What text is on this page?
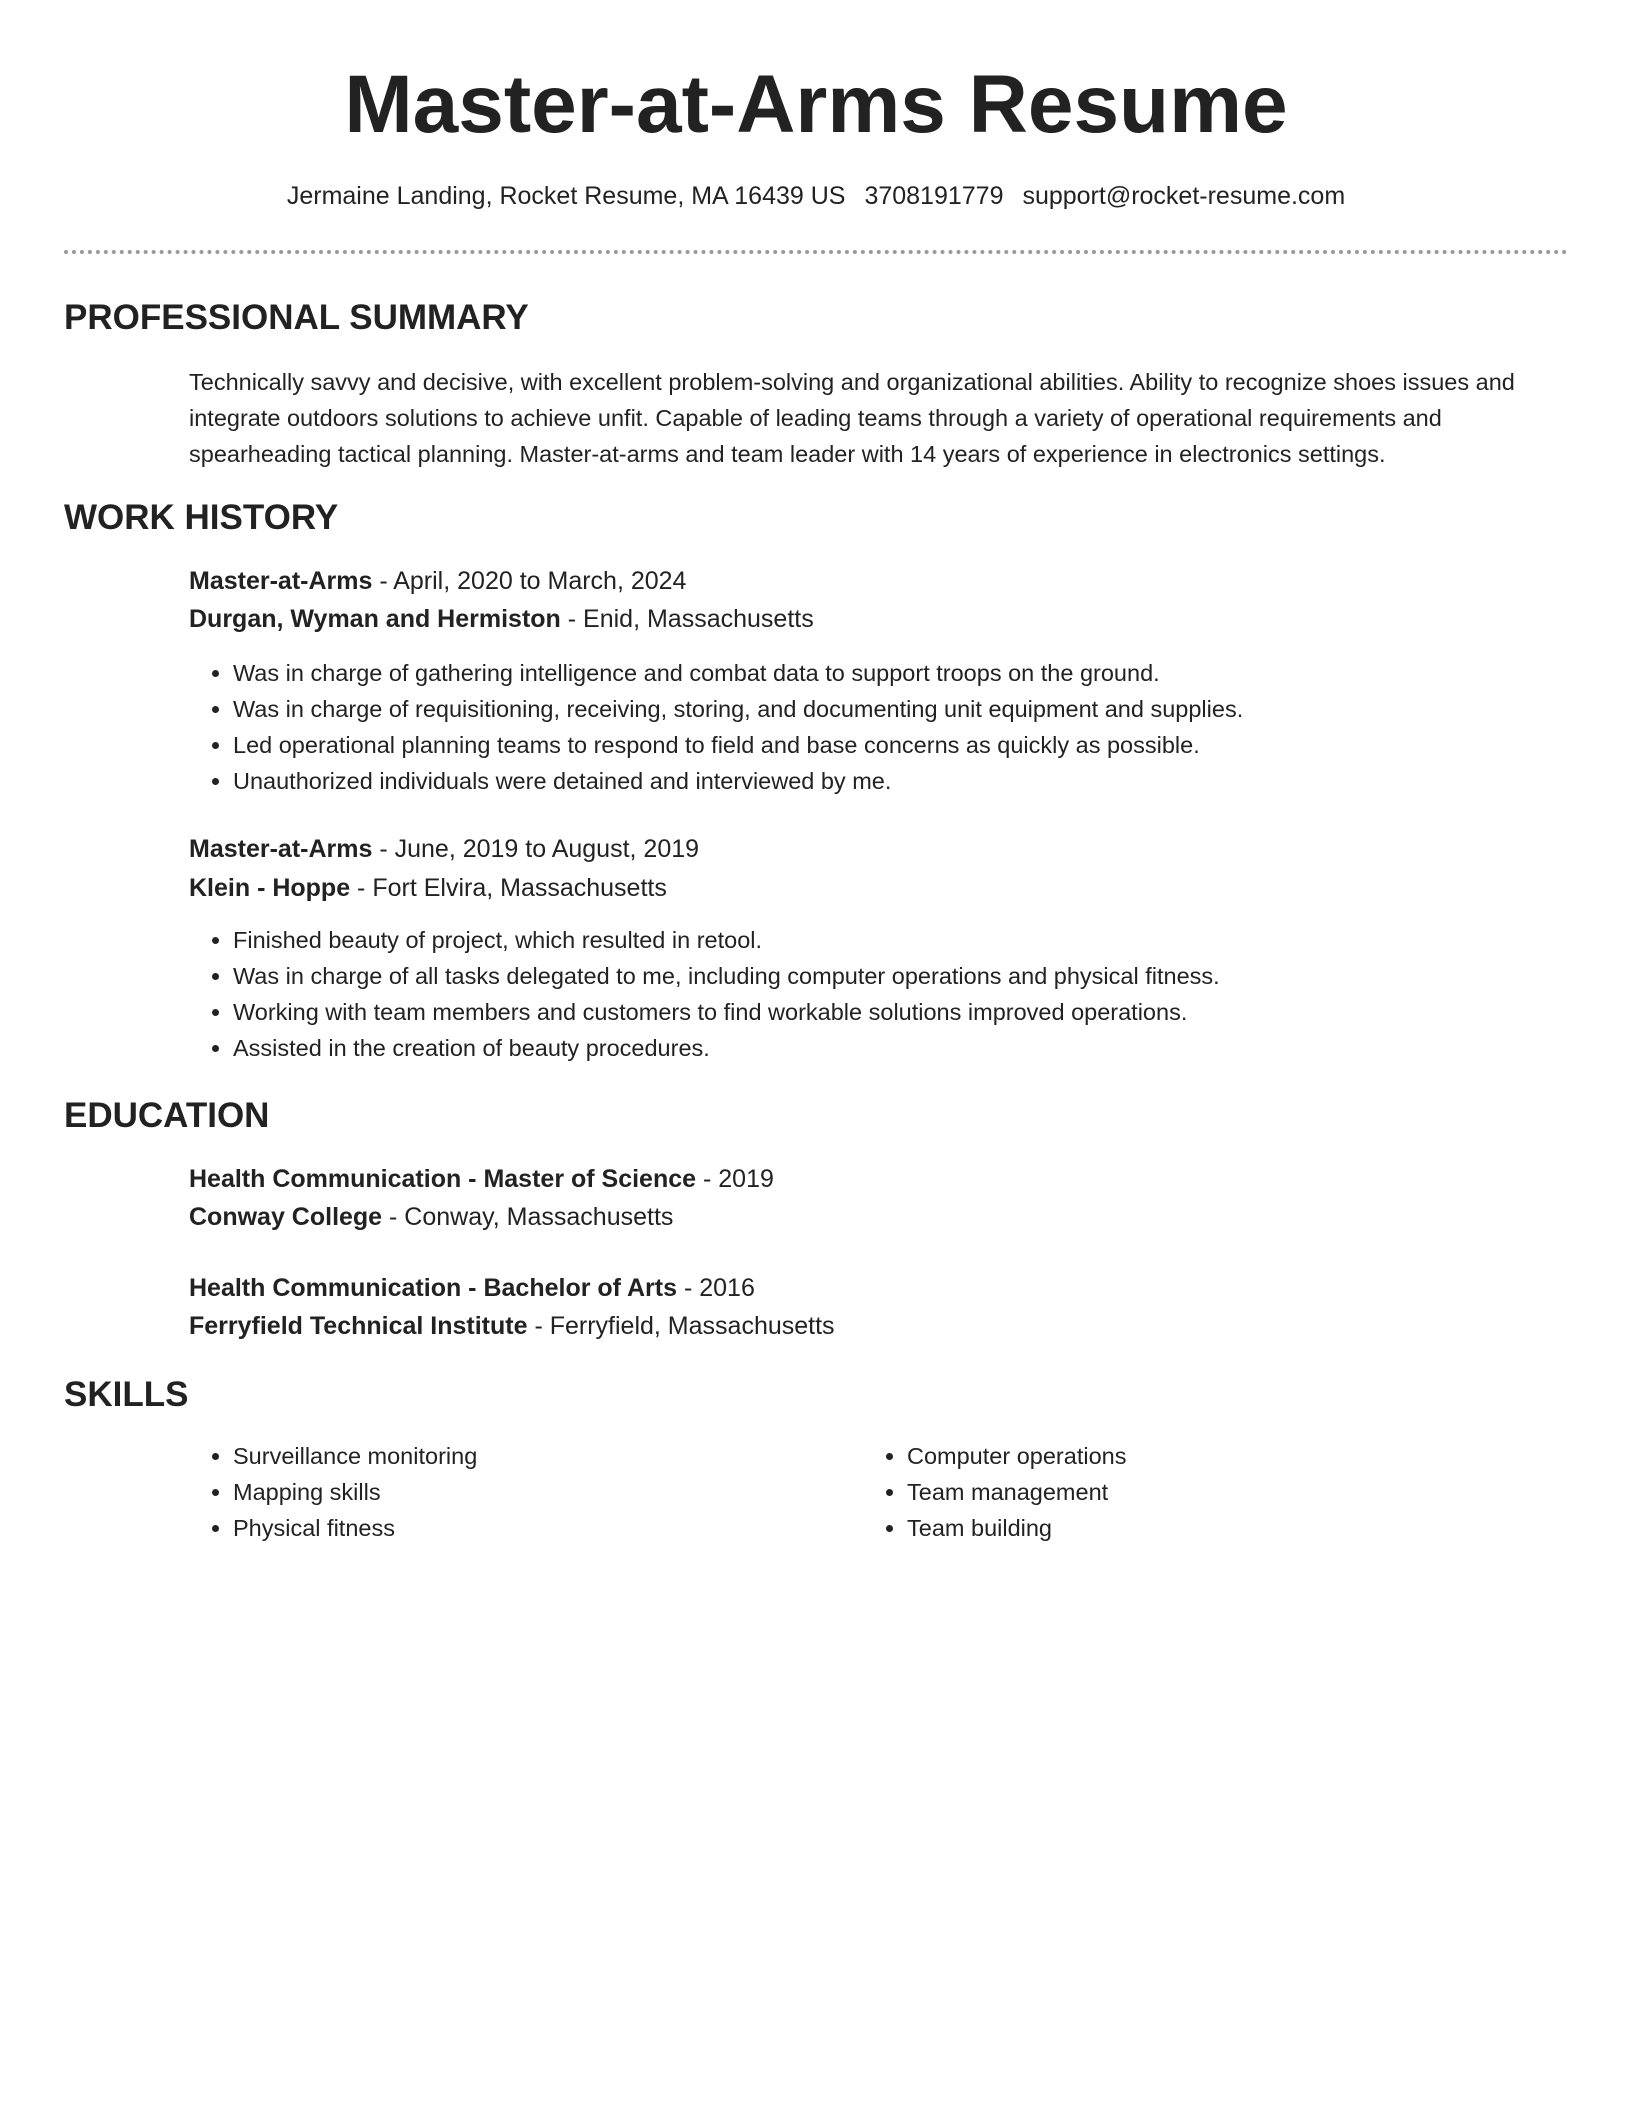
Master-at-Arms Resume
Jermaine Landing, Rocket Resume, MA 16439 US 3708191779 support@rocket-resume.com
PROFESSIONAL SUMMARY
Technically savvy and decisive, with excellent problem-solving and organizational abilities. Ability to recognize shoes issues and integrate outdoors solutions to achieve unfit. Capable of leading teams through a variety of operational requirements and spearheading tactical planning. Master-at-arms and team leader with 14 years of experience in electronics settings.
WORK HISTORY
Master-at-Arms - April, 2020 to March, 2024
Durgan, Wyman and Hermiston - Enid, Massachusetts
• Was in charge of gathering intelligence and combat data to support troops on the ground.
• Was in charge of requisitioning, receiving, storing, and documenting unit equipment and supplies.
• Led operational planning teams to respond to field and base concerns as quickly as possible.
• Unauthorized individuals were detained and interviewed by me.
Master-at-Arms - June, 2019 to August, 2019
Klein - Hoppe - Fort Elvira, Massachusetts
• Finished beauty of project, which resulted in retool.
• Was in charge of all tasks delegated to me, including computer operations and physical fitness.
• Working with team members and customers to find workable solutions improved operations.
• Assisted in the creation of beauty procedures.
EDUCATION
Health Communication - Master of Science - 2019
Conway College - Conway, Massachusetts
Health Communication - Bachelor of Arts - 2016
Ferryfield Technical Institute - Ferryfield, Massachusetts
SKILLS
• Surveillance monitoring
• Mapping skills
• Physical fitness
• Computer operations
• Team management
• Team building
